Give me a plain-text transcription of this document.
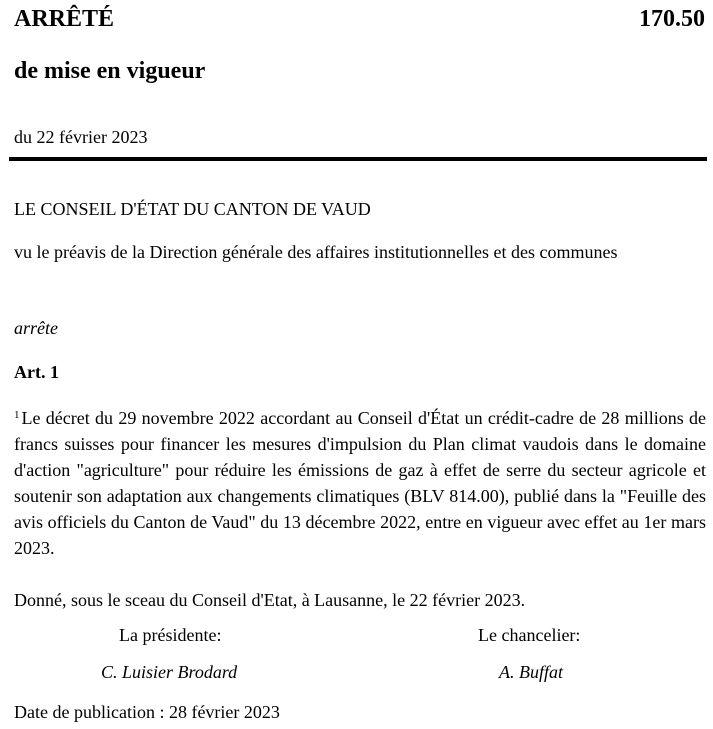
ARRÊTÉ	170.50
de mise en vigueur
du 22 février 2023
LE CONSEIL D'ÉTAT DU CANTON DE VAUD
vu le préavis de la Direction générale des affaires institutionnelles et des communes
arrête
Art. 1
$^1$ Le décret du 29 novembre 2022 accordant au Conseil d'État un crédit-cadre de 28 millions de francs suisses pour financer les mesures d'impulsion du Plan climat vaudois dans le domaine d'action "agriculture" pour réduire les émissions de gaz à effet de serre du secteur agricole et soutenir son adaptation aux changements climatiques (BLV 814.00), publié dans la "Feuille des avis officiels du Canton de Vaud" du 13 décembre 2022, entre en vigueur avec effet au 1er mars 2023.
Donné, sous le sceau du Conseil d'Etat, à Lausanne, le 22 février 2023.
La présidente:	Le chancelier:
C. Luisier Brodard	A. Buffat
Date de publication : 28 février 2023
